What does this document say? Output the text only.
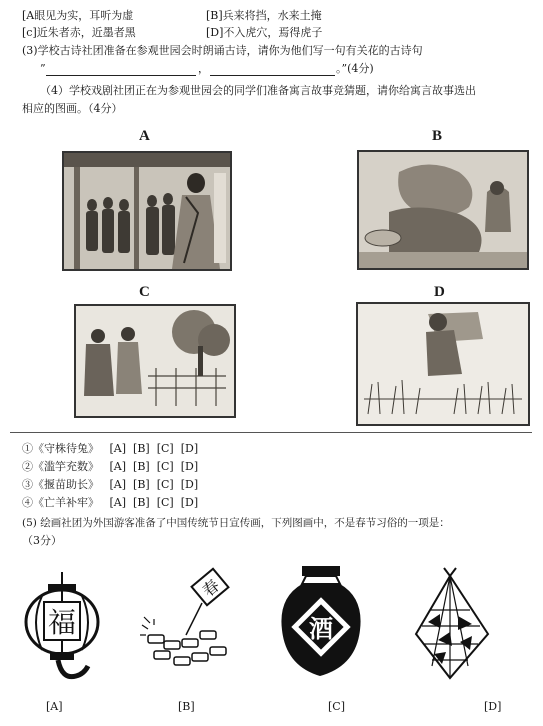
[A眼见为实，耳听为虚	[B]兵来将挡，水来土掩
[c]近朱者赤，近墨者黑	[D]不入虎穴，焉得虎子
(3)学校古诗社团准备在参观世园会时朗诵古诗，请你为他们写一句有关花的古诗句
”	，	。”(4分)
（4）学校戏剧社团正在为参观世园会的同学们准备寓言故事竞猜题，请你给寓言故事选出
相应的图画。（4分）
A	B
C	D
①《守株待兔》 [A] [B] [C] [D]
②《滥竽充数》 [A] [B] [C] [D]
③《揠苗助长》 [A] [B] [C] [D]
④《亡羊补牢》 [A] [B] [C] [D]
(5) 绘画社团为外国游客准备了中国传统节日宣传画，下列图画中，不是春节习俗的一项是：
（3分）
福
春
酒
[A]	[B]	[C]	[D]
